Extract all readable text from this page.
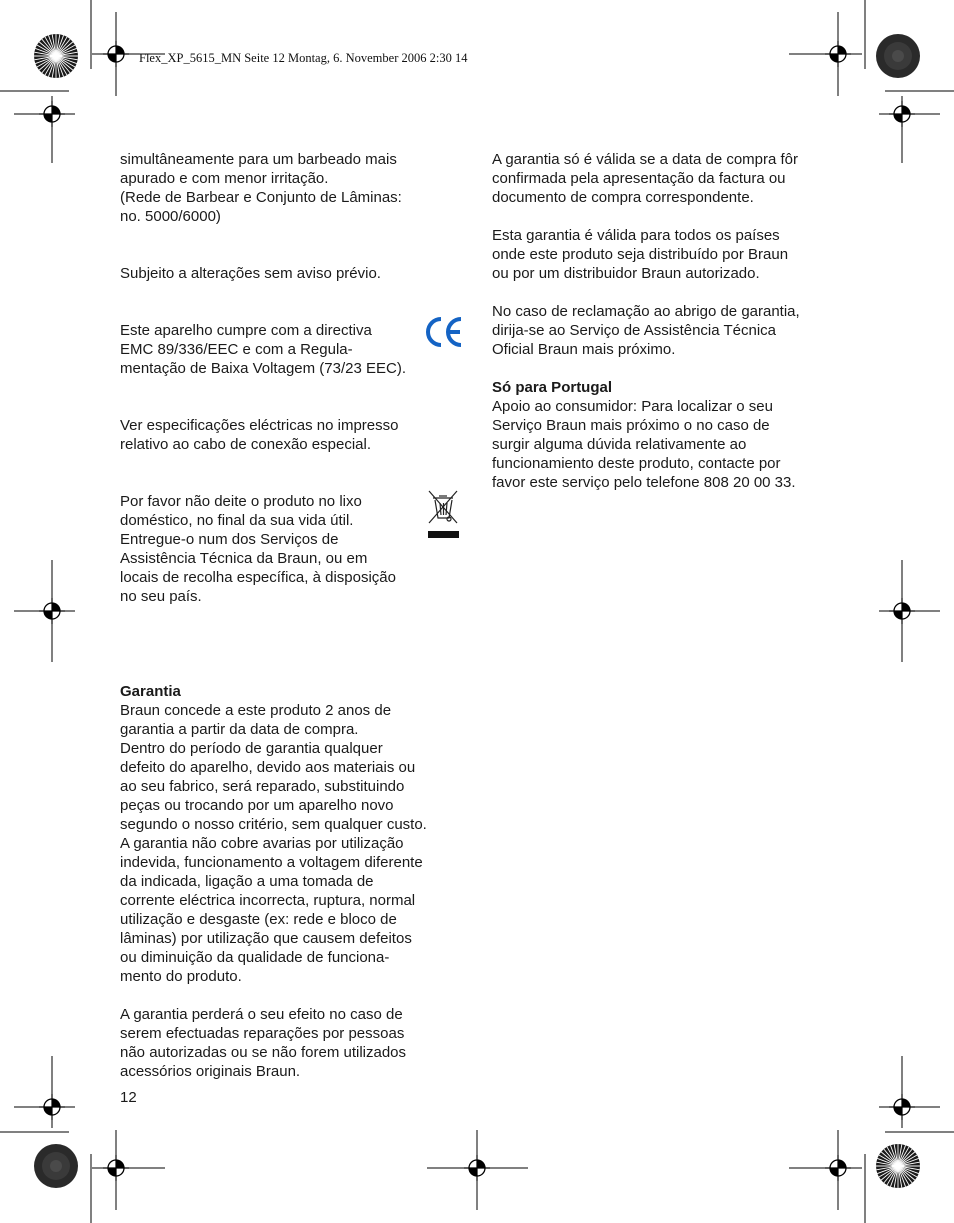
Flex_XP_5615_MN Seite 12 Montag, 6. November 2006 2:30 14

simultâneamente para um barbeado mais
apurado e com menor irritação.
(Rede de Barbear e Conjunto de Lâminas:
no. 5000/6000)

Subjeito a alterações sem aviso prévio.

Este aparelho cumpre com a directiva
EMC 89/336/EEC e com a Regula-
mentação de Baixa Voltagem (73/23 EEC).

Ver especificações eléctricas no impresso
relativo ao cabo de conexão especial.

Por favor não deite o produto no lixo
doméstico, no final da sua vida útil.
Entregue-o num dos Serviços de
Assistência Técnica da Braun, ou em
locais de recolha específica, à disposição
no seu país.

Garantia

Braun concede a este produto 2 anos de
garantia a partir da data de compra.
Dentro do período de garantia qualquer
defeito do aparelho, devido aos materiais ou
ao seu fabrico, será reparado, substituindo
peças ou trocando por um aparelho novo
segundo o nosso critério, sem qualquer custo.
A garantia não cobre avarias por utilização
indevida, funcionamento a voltagem diferente
da indicada, ligação a uma tomada de
corrente eléctrica incorrecta, ruptura, normal
utilização e desgaste (ex: rede e bloco de
lâminas) por utilização que causem defeitos
ou diminuição da qualidade de funciona-
mento do produto.

A garantia perderá o seu efeito no caso de
serem efectuadas reparações por pessoas
não autorizadas ou se não forem utilizados
acessórios originais Braun.

A garantia só é válida se a data de compra fôr
confirmada pela apresentação da factura ou
documento de compra correspondente.

Esta garantia é válida para todos os países
onde este produto seja distribuído por Braun
ou por um distribuidor Braun autorizado.

No caso de reclamação ao abrigo de garantia,
dirija-se ao Serviço de Assistência Técnica
Oficial Braun mais próximo.

Só para Portugal

Apoio ao consumidor: Para localizar o seu
Serviço Braun mais próximo o no caso de
surgir alguma dúvida relativamente ao
funcionamiento deste produto, contacte por
favor este serviço pelo telefone 808 20 00 33.

12
